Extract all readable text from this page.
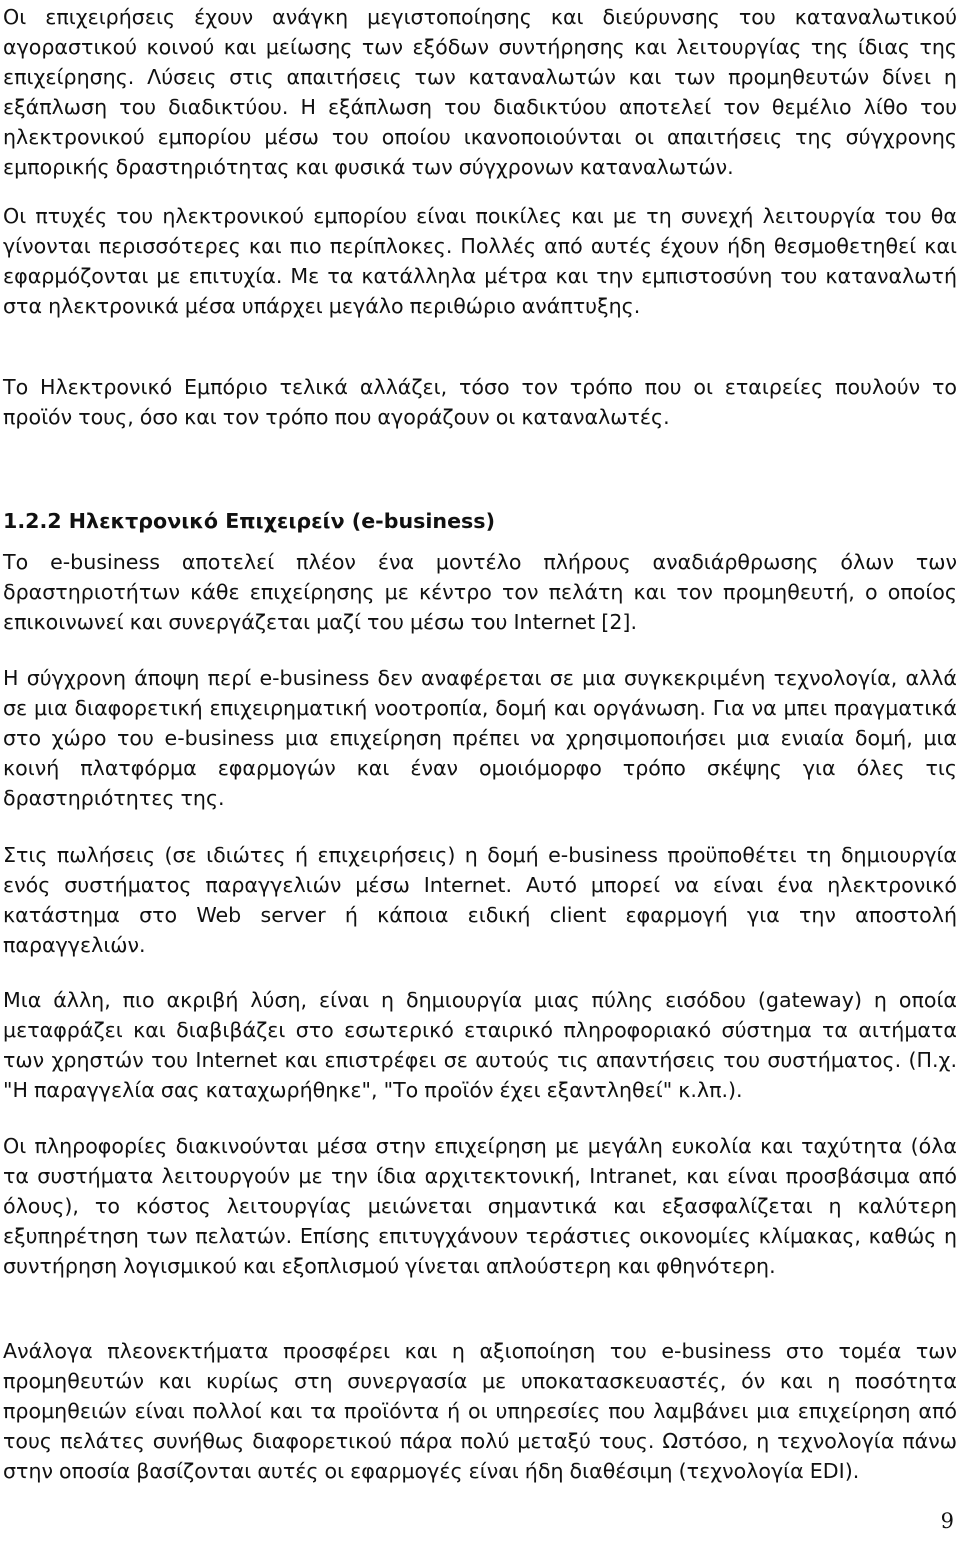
Οι επιχειρήσεις έχουν ανάγκη μεγιστοποίησης και διεύρυνσης του καταναλωτικού αγοραστικού κοινού και μείωσης των εξόδων συντήρησης και λειτουργίας της ίδιας της επιχείρησης. Λύσεις στις απαιτήσεις των καταναλωτών και των προμηθευτών δίνει η εξάπλωση του διαδικτύου. Η εξάπλωση του διαδικτύου αποτελεί τον θεμέλιο λίθο του ηλεκτρονικού εμπορίου μέσω του οποίου ικανοποιούνται οι απαιτήσεις της σύγχρονης εμπορικής δραστηριότητας και φυσικά των σύγχρονων καταναλωτών.

Οι πτυχές του ηλεκτρονικού εμπορίου είναι ποικίλες και με τη συνεχή λειτουργία του θα γίνονται περισσότερες και πιο περίπλοκες. Πολλές από αυτές έχουν ήδη θεσμοθετηθεί και εφαρμόζονται με επιτυχία. Με τα κατάλληλα μέτρα και την εμπιστοσύνη του καταναλωτή στα ηλεκτρονικά μέσα υπάρχει μεγάλο περιθώριο ανάπτυξης.

Το Ηλεκτρονικό Εμπόριο τελικά αλλάζει, τόσο τον τρόπο που οι εταιρείες πουλούν το προϊόν τους, όσο και τον τρόπο που αγοράζουν οι καταναλωτές.

1.2.2 Ηλεκτρονικό Επιχειρείν (e-business)

Το e-business αποτελεί πλέον ένα μοντέλο πλήρους αναδιάρθρωσης όλων των δραστηριοτήτων κάθε επιχείρησης με κέντρο τον πελάτη και τον προμηθευτή, ο οποίος επικοινωνεί και συνεργάζεται μαζί του μέσω του Internet [2].

Η σύγχρονη άποψη περί e-business δεν αναφέρεται σε μια συγκεκριμένη τεχνολογία, αλλά σε μια διαφορετική επιχειρηματική νοοτροπία, δομή και οργάνωση. Για να μπει πραγματικά στο χώρο του e-business μια επιχείρηση πρέπει να χρησιμοποιήσει μια ενιαία δομή, μια κοινή πλατφόρμα εφαρμογών και έναν ομοιόμορφο τρόπο σκέψης για όλες τις δραστηριότητες της.

Στις πωλήσεις (σε ιδιώτες ή επιχειρήσεις) η δομή e-business προϋποθέτει τη δημιουργία ενός συστήματος παραγγελιών μέσω Internet. Αυτό μπορεί να είναι ένα ηλεκτρονικό κατάστημα στο Web server ή κάποια ειδική client εφαρμογή για την αποστολή παραγγελιών.

Μια άλλη, πιο ακριβή λύση, είναι η δημιουργία μιας πύλης εισόδου (gateway) η οποία μεταφράζει και διαβιβάζει στο εσωτερικό εταιρικό πληροφοριακό σύστημα τα αιτήματα των χρηστών του Internet και επιστρέφει σε αυτούς τις απαντήσεις του συστήματος. (Π.χ. "Η παραγγελία σας καταχωρήθηκε", "Το προϊόν έχει εξαντληθεί" κ.λπ.).

Οι πληροφορίες διακινούνται μέσα στην επιχείρηση με μεγάλη ευκολία και ταχύτητα (όλα τα συστήματα λειτουργούν με την ίδια αρχιτεκτονική, Intranet, και είναι προσβάσιμα από όλους), το κόστος λειτουργίας μειώνεται σημαντικά και εξασφαλίζεται η καλύτερη εξυπηρέτηση των πελατών. Επίσης επιτυγχάνουν τεράστιες οικονομίες κλίμακας, καθώς η συντήρηση λογισμικού και εξοπλισμού γίνεται απλούστερη και φθηνότερη.

Ανάλογα πλεονεκτήματα προσφέρει και η αξιοποίηση του e-business στο τομέα των προμηθευτών και κυρίως στη συνεργασία με υποκατασκευαστές, όν και η ποσότητα προμηθειών είναι πολλοί και τα προϊόντα ή οι υπηρεσίες που λαμβάνει μια επιχείρηση από τους πελάτες συνήθως διαφορετικού πάρα πολύ μεταξύ τους. Ωστόσο, η τεχνολογία πάνω στην οποσία βασίζονται αυτές οι εφαρμογές είναι ήδη διαθέσιμη (τεχνολογία EDI).

9
